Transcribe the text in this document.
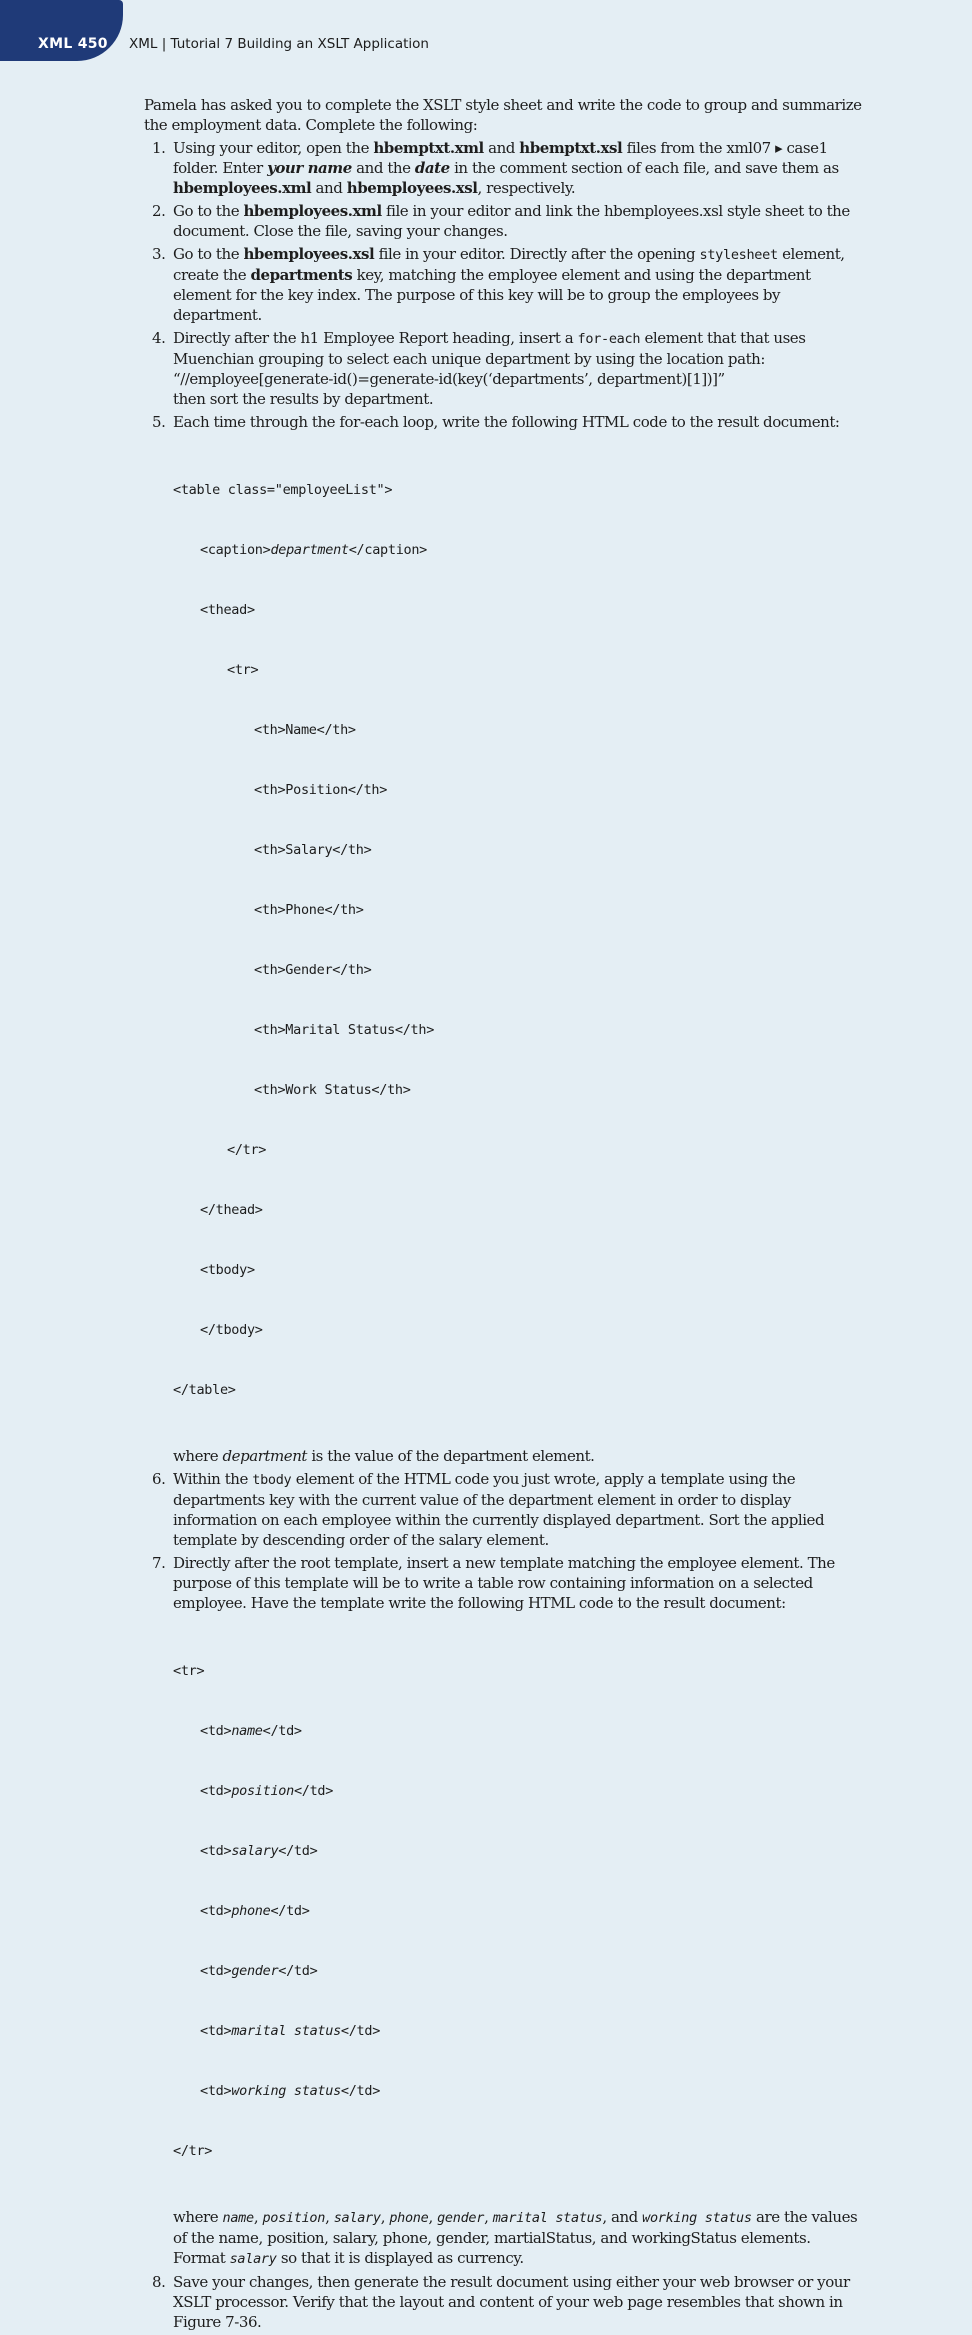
XML 450	XML | Tutorial 7 Building an XSLT Application

Pamela has asked you to complete the XSLT style sheet and write the code to group and summarize the employment data. Complete the following:

1. Using your editor, open the hbemptxt.xml and hbemptxt.xsl files from the xml07 ▸ case1 folder. Enter your name and the date in the comment section of each file, and save them as hbemployees.xml and hbemployees.xsl, respectively.
2. Go to the hbemployees.xml file in your editor and link the hbemployees.xsl style sheet to the document. Close the file, saving your changes.
3. Go to the hbemployees.xsl file in your editor. Directly after the opening stylesheet element, create the departments key, matching the employee element and using the department element for the key index. The purpose of this key will be to group the employees by department.
4. Directly after the h1 Employee Report heading, insert a for-each element that that uses Muenchian grouping to select each unique department by using the location path:
“//employee[generate-id()=generate-id(key(‘departments’, department)[1])]”
then sort the results by department.
5. Each time through the for-each loop, write the following HTML code to the result document:

<table class="employeeList">

<caption>department</caption>

<thead>

<tr>

<th>Name</th>

<th>Position</th>

<th>Salary</th>

<th>Phone</th>

<th>Gender</th>

<th>Marital Status</th>

<th>Work Status</th>

</tr>

</thead>

<tbody>

</tbody>

</table>

where department is the value of the department element.

6. Within the tbody element of the HTML code you just wrote, apply a template using the departments key with the current value of the department element in order to display information on each employee within the currently displayed department. Sort the applied template by descending order of the salary element.
7. Directly after the root template, insert a new template matching the employee element. The purpose of this template will be to write a table row containing information on a selected employee. Have the template write the following HTML code to the result document:

<tr>

<td>name</td>

<td>position</td>

<td>salary</td>

<td>phone</td>

<td>gender</td>

<td>marital status</td>

<td>working status</td>

</tr>

where name, position, salary, phone, gender, marital status, and working status are the values of the name, position, salary, phone, gender, martialStatus, and workingStatus elements. Format salary so that it is displayed as currency.

8. Save your changes, then generate the result document using either your web browser or your XSLT processor. Verify that the layout and content of your web page resembles that shown in Figure 7-36.
